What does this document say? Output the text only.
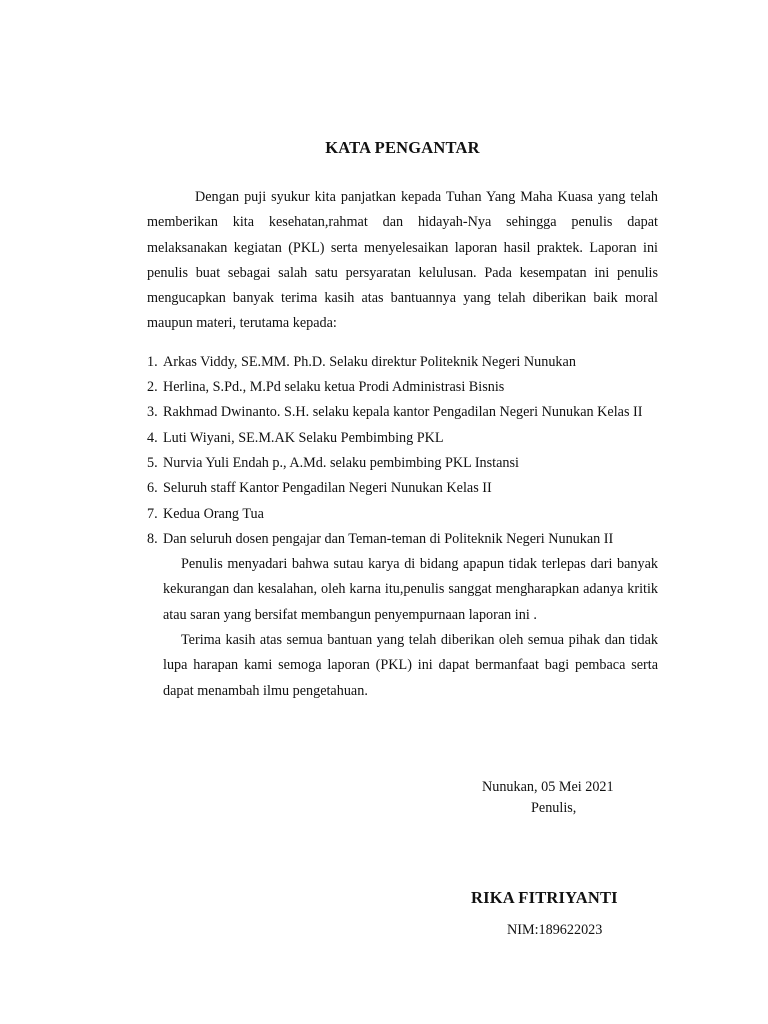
KATA PENGANTAR

Dengan puji syukur kita panjatkan kepada Tuhan Yang Maha Kuasa yang telah memberikan kita kesehatan,rahmat dan hidayah-Nya sehingga penulis dapat melaksanakan kegiatan (PKL) serta menyelesaikan laporan hasil praktek. Laporan ini penulis buat sebagai salah satu persyaratan kelulusan. Pada kesempatan ini penulis mengucapkan banyak terima kasih atas bantuannya yang telah diberikan baik moral maupun materi, terutama kepada:

1. Arkas Viddy, SE.MM. Ph.D. Selaku direktur Politeknik Negeri Nunukan
2. Herlina, S.Pd., M.Pd selaku ketua Prodi Administrasi Bisnis
3. Rakhmad Dwinanto. S.H. selaku kepala kantor Pengadilan Negeri Nunukan Kelas II
4. Luti Wiyani, SE.M.AK Selaku Pembimbing PKL
5. Nurvia Yuli Endah p., A.Md. selaku pembimbing PKL Instansi
6. Seluruh staff Kantor Pengadilan Negeri Nunukan Kelas II
7. Kedua Orang Tua
8. Dan seluruh dosen pengajar dan Teman-teman di Politeknik Negeri Nunukan II

Penulis menyadari bahwa sutau karya di bidang apapun tidak terlepas dari banyak kekurangan dan kesalahan, oleh karna itu,penulis sanggat mengharapkan adanya kritik atau saran yang bersifat membangun penyempurnaan laporan ini .

Terima kasih atas semua bantuan yang telah diberikan oleh semua pihak dan tidak lupa harapan kami semoga laporan (PKL) ini dapat bermanfaat bagi pembaca serta dapat menambah ilmu pengetahuan.

Nunukan, 05 Mei 2021
Penulis,
RIKA FITRIYANTI
NIM:189622023
